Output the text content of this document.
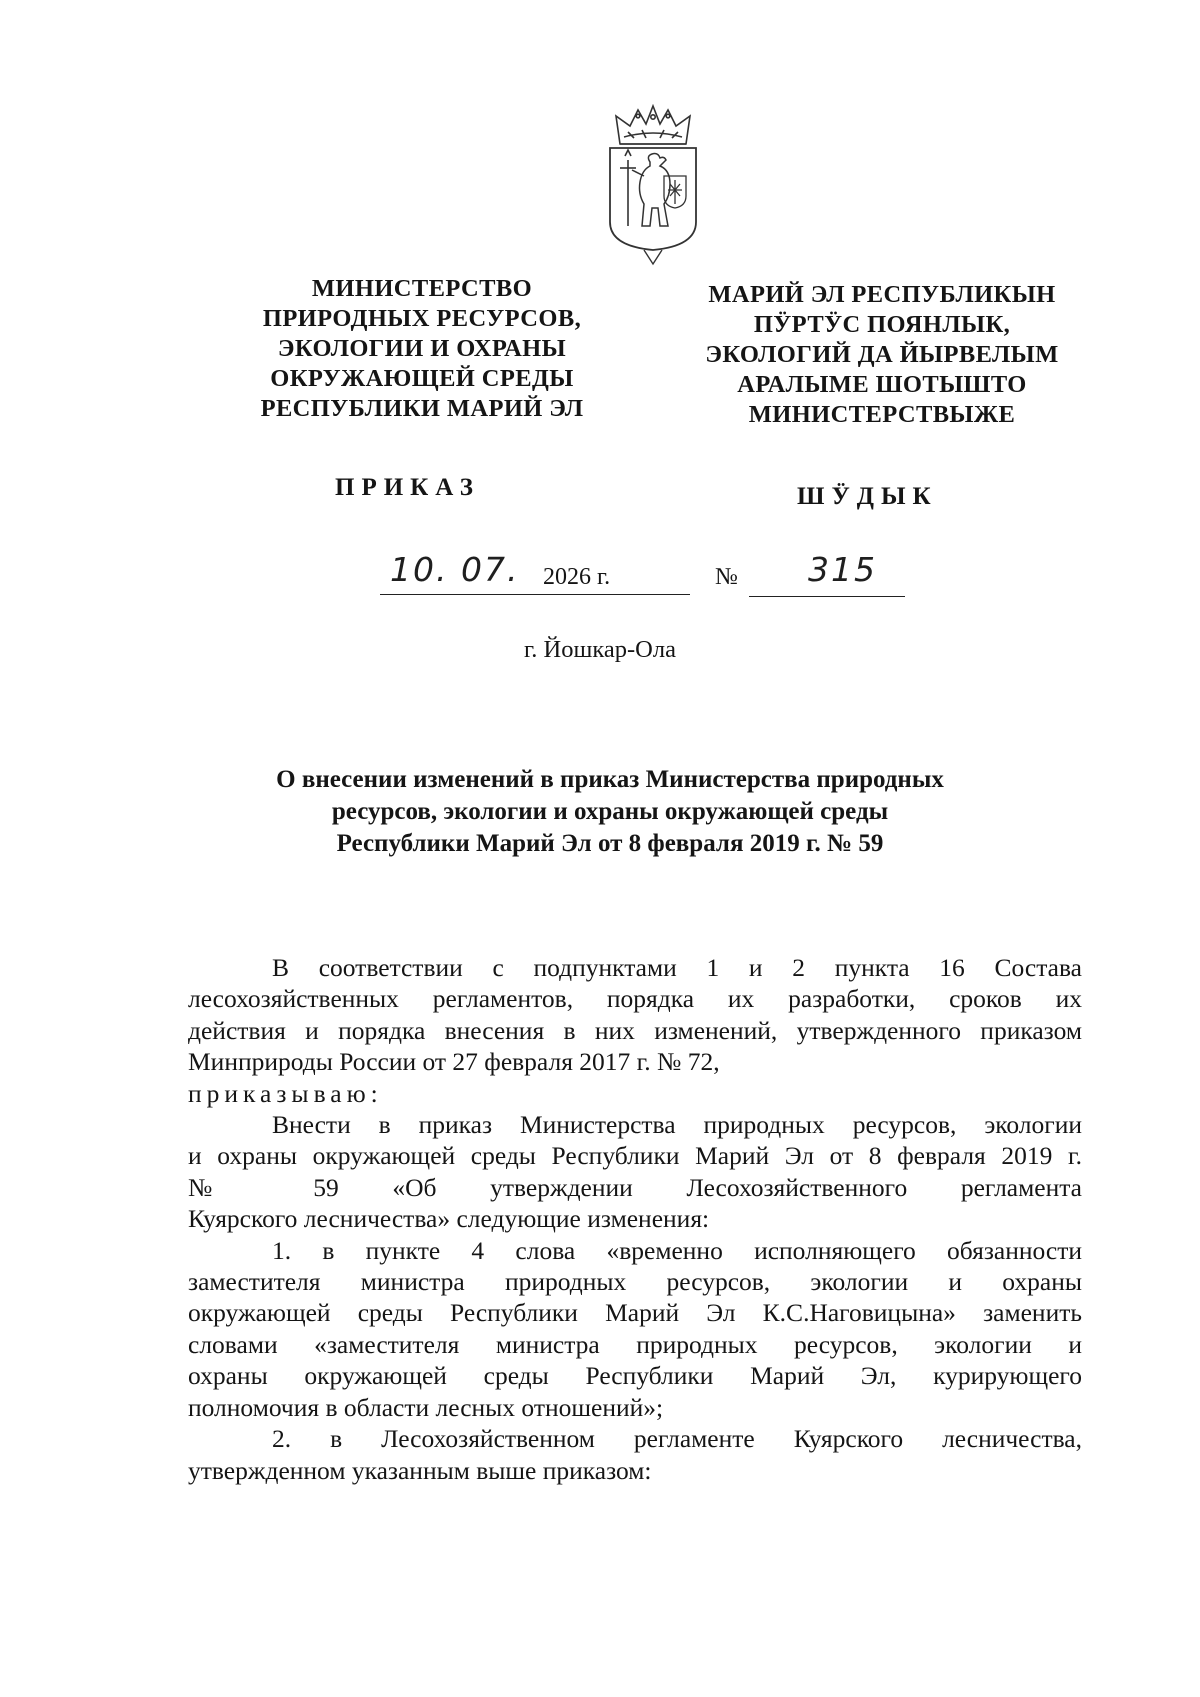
МИНИСТЕРСТВО
ПРИРОДНЫХ РЕСУРСОВ,
ЭКОЛОГИИ И ОХРАНЫ
ОКРУЖАЮЩЕЙ СРЕДЫ
РЕСПУБЛИКИ МАРИЙ ЭЛ
МАРИЙ ЭЛ РЕСПУБЛИКЫН
ПӰРТӰС ПОЯНЛЫК,
ЭКОЛОГИЙ ДА ЙЫРВЕЛЫМ
АРАЛЫМЕ ШОТЫШТО
МИНИСТЕРСТВЫЖЕ
ПРИКАЗ	ШӰДЫК
10. 07. 2026 г.	№ 315
г. Йошкар-Ола
О внесении изменений в приказ Министерства природных
ресурсов, экологии и охраны окружающей среды
Республики Марий Эл от 8 февраля 2019 г. № 59
В соответствии с подпунктами 1 и 2 пункта 16 Состава
лесохозяйственных регламентов, порядка их разработки, сроков их
действия и порядка внесения в них изменений, утвержденного приказом
Минприроды России от 27 февраля 2017 г. № 72,
приказываю:
Внести в приказ Министерства природных ресурсов, экологии
и охраны окружающей среды Республики Марий Эл от 8 февраля 2019 г.
№ 59 «Об утверждении Лесохозяйственного регламента
Куярского лесничества» следующие изменения:
1. в пункте 4 слова «временно исполняющего обязанности
заместителя министра природных ресурсов, экологии и охраны
окружающей среды Республики Марий Эл К.С.Наговицына» заменить
словами «заместителя министра природных ресурсов, экологии и
охраны окружающей среды Республики Марий Эл, курирующего
полномочия в области лесных отношений»;
2. в Лесохозяйственном регламенте Куярского лесничества,
утвержденном указанным выше приказом:
